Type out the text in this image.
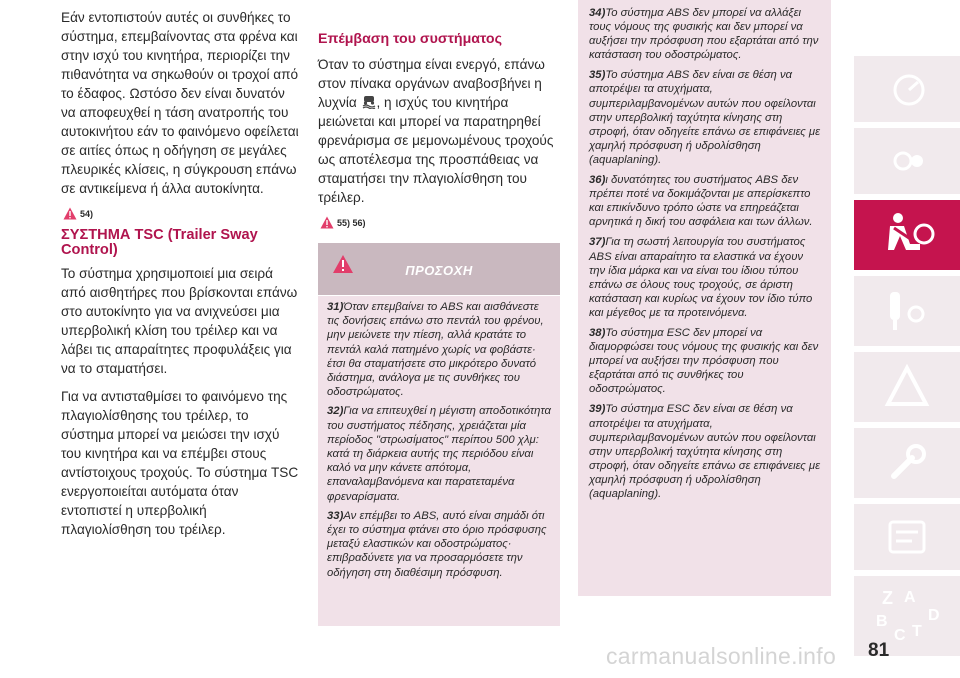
Εάν εντοπιστούν αυτές οι συνθήκες το σύστημα, επεμβαίνοντας στα φρένα και στην ισχύ του κινητήρα, περιορίζει την πιθανότητα να σηκωθούν οι τροχοί από το έδαφος. Ωστόσο δεν είναι δυνατόν να αποφευχθεί η τάση ανατροπής του αυτοκινήτου εάν το φαινόμενο οφείλεται σε αιτίες όπως η οδήγηση σε μεγάλες πλευρικές κλίσεις, η σύγκρουση επάνω σε αντικείμενα ή άλλα αυτοκίνητα.

54)
ΣΥΣΤΗΜΑ TSC (Trailer Sway Control)

Το σύστημα χρησιμοποιεί μια σειρά από αισθητήρες που βρίσκονται επάνω στο αυτοκίνητο για να ανιχνεύσει μια υπερβολική κλίση του τρέιλερ και να λάβει τις απαραίτητες προφυλάξεις για να το σταματήσει.

Για να αντισταθμίσει το φαινόμενο της πλαγιολίσθησης του τρέιλερ, το σύστημα μπορεί να μειώσει την ισχύ του κινητήρα και να επέμβει στους αντίστοιχους τροχούς. Το σύστημα TSC ενεργοποιείται αυτόματα όταν εντοπιστεί η υπερβολική πλαγιολίσθηση του τρέιλερ.

Επέμβαση του συστήματος

Όταν το σύστημα είναι ενεργό, επάνω στον πίνακα οργάνων αναβοσβήνει η λυχνία , η ισχύς του κινητήρα μειώνεται και μπορεί να παρατηρηθεί φρενάρισμα σε μεμονωμένους τροχούς ως αποτέλεσμα της προσπάθειας να σταματήσει την πλαγιολίσθηση του τρέιλερ.

55) 56)
ΠΡΟΣΟΧΗ

31)Όταν επεμβαίνει το ABS και αισθάνεστε τις δονήσεις επάνω στο πεντάλ του φρένου, μην μειώνετε την πίεση, αλλά κρατάτε το πεντάλ καλά πατημένο χωρίς να φοβάστε· έτσι θα σταματήσετε στο μικρότερο δυνατό διάστημα, ανάλογα με τις συνθήκες του οδοστρώματος.

32)Για να επιτευχθεί η μέγιστη αποδοτικότητα του συστήματος πέδησης, χρειάζεται μία περίοδος "στρωσίματος" περίπου 500 χλμ: κατά τη διάρκεια αυτής της περιόδου είναι καλό να μην κάνετε απότομα, επαναλαμβανόμενα και παρατεταμένα φρεναρίσματα.

33)Αν επέμβει το ABS, αυτό είναι σημάδι ότι έχει το σύστημα φτάνει στο όριο πρόσφυσης μεταξύ ελαστικών και οδοστρώματος· επιβραδύνετε για να προσαρμόσετε την οδήγηση στη διαθέσιμη πρόσφυση.

34)Το σύστημα ABS δεν μπορεί να αλλάξει τους νόμους της φυσικής και δεν μπορεί να αυξήσει την πρόσφυση που εξαρτάται από την κατάσταση του οδοστρώματος.

35)Το σύστημα ABS δεν είναι σε θέση να αποτρέψει τα ατυχήματα, συμπεριλαμβανομένων αυτών που οφείλονται στην υπερβολική ταχύτητα κίνησης στη στροφή, όταν οδηγείτε επάνω σε επιφάνειες με χαμηλή πρόσφυση ή υδρολίσθηση (aquaplaning).

36)ι δυνατότητες του συστήματος ABS δεν πρέπει ποτέ να δοκιμάζονται με απερίσκεπτο και επικίνδυνο τρόπο ώστε να επηρεάζεται αρνητικά η δική του ασφάλεια και των άλλων.

37)Για τη σωστή λειτουργία του συστήματος ABS είναι απαραίτητο τα ελαστικά να έχουν την ίδια μάρκα και να είναι του ίδιου τύπου επάνω σε όλους τους τροχούς, σε άριστη κατάσταση και κυρίως να έχουν τον ίδιο τύπο και μέγεθος με τα προτεινόμενα.

38)Το σύστημα ESC δεν μπορεί να διαμορφώσει τους νόμους της φυσικής και δεν μπορεί να αυξήσει την πρόσφυση που εξαρτάται από τις συνθήκες του οδοστρώματος.

39)Το σύστημα ESC δεν είναι σε θέση να αποτρέψει τα ατυχήματα, συμπεριλαμβανομένων αυτών που οφείλονται στην υπερβολική ταχύτητα κίνησης στη στροφή, όταν οδηγείτε επάνω σε επιφάνειες με χαμηλή πρόσφυση ή υδρολίσθηση (aquaplaning).

Z A
B
C T
D
carmanualsonline.info 81
